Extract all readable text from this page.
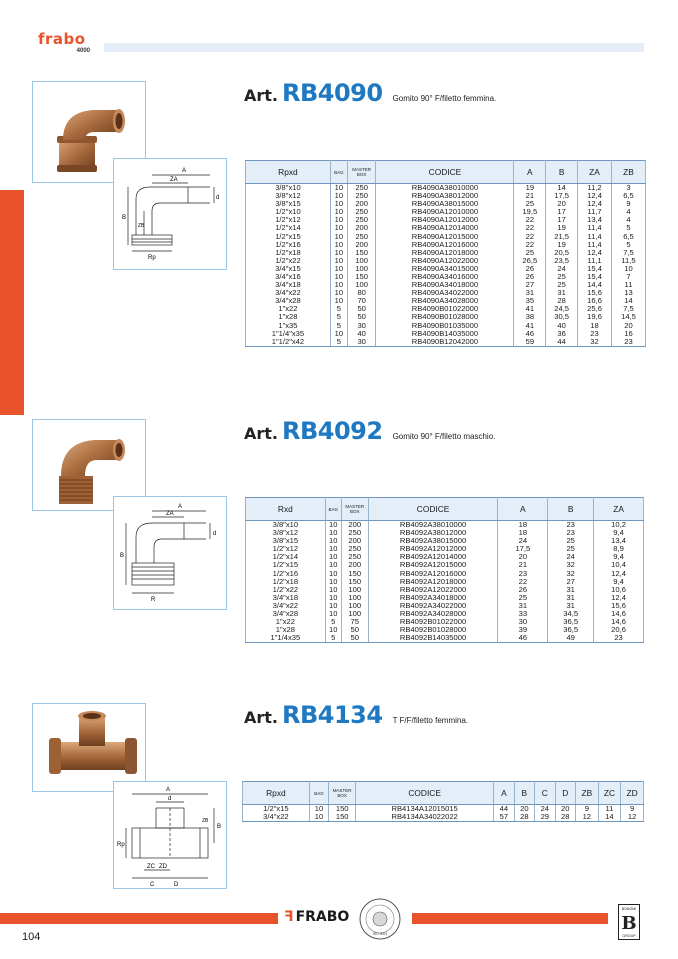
frabo
4000
A
ZA
ZB
B
Rp
d
Art. RB4090 Gomito 90° F/filetto femmina.
Rpxd	BAG	MASTER BOX	CODICE	A	B	ZA	ZB
3/8"x10	10	250	RB4090A38010000	19	14	11,2	3
3/8"x12	10	250	RB4090A38012000	21	17,5	12,4	6,5
3/8"x15	10	200	RB4090A38015000	25	20	12,4	9
1/2"x10	10	250	RB4090A12010000	19,5	17	11,7	4
1/2"x12	10	250	RB4090A12012000	22	17	13,4	4
1/2"x14	10	200	RB4090A12014000	22	19	11,4	5
1/2"x15	10	250	RB4090A12015000	22	21,5	11,4	6,5
1/2"x16	10	200	RB4090A12016000	22	19	11,4	5
1/2"x18	10	150	RB4090A12018000	25	20,5	12,4	7,5
1/2"x22	10	100	RB4090A12022000	26,5	23,5	11,1	11,5
3/4"x15	10	100	RB4090A34015000	26	24	15,4	10
3/4"x16	10	150	RB4090A34016000	26	25	15,4	7
3/4"x18	10	100	RB4090A34018000	27	25	14,4	11
3/4"x22	10	80	RB4090A34022000	31	31	15,6	13
3/4"x28	10	70	RB4090A34028000	35	28	16,6	14
1"x22	5	50	RB4090B01022000	41	24,5	25,6	7,5
1"x28	5	50	RB4090B01028000	38	30,5	19,6	14,5
1"x35	5	30	RB4090B01035000	41	40	18	20
1"1/4"x35	10	40	RB4090B14035000	46	36	23	16
1"1/2"x42	5	30	RB4090B12042000	59	44	32	23
A
ZA
B
R
d
Art. RB4092 Gomito 90° F/filetto maschio.
Rxd	BAG	MASTER BOX	CODICE	A	B	ZA
3/8"x10	10	200	RB4092A38010000	18	23	10,2
3/8"x12	10	250	RB4092A38012000	18	23	9,4
3/8"x15	10	200	RB4092A38015000	24	25	13,4
1/2"x12	10	250	RB4092A12012000	17,5	25	8,9
1/2"x14	10	250	RB4092A12014000	20	24	9,4
1/2"x15	10	200	RB4092A12015000	21	32	10,4
1/2"x16	10	150	RB4092A12016000	23	32	12,4
1/2"x18	10	150	RB4092A12018000	22	27	9,4
1/2"x22	10	100	RB4092A12022000	26	31	10,6
3/4"x18	10	100	RB4092A34018000	25	31	12,4
3/4"x22	10	100	RB4092A34022000	31	31	15,6
3/4"x28	10	100	RB4092A34028000	33	34,5	14,6
1"x22	5	75	RB4092B01022000	30	36,5	14,6
1"x28	10	50	RB4092B01028000	39	36,5	20,6
1"1/4x35	5	50	RB4092B14035000	46	49	23
A
d
B
ZB
Rp
ZC ZD
C	D
Art. RB4134 T F/F/filetto femmina.
Rpxd	BAG	MASTER BOX	CODICE	A	B	C	D	ZB	ZC	ZD
1/2"x15	10	150	RB4134A12015015	44	20	24	20	9	11	9
3/4"x22	10	150	RB4134A34022022	57	28	29	28	12	14	12
ꟻ FRABO
ISO 9001
104
BONOMI
B
GROUP
